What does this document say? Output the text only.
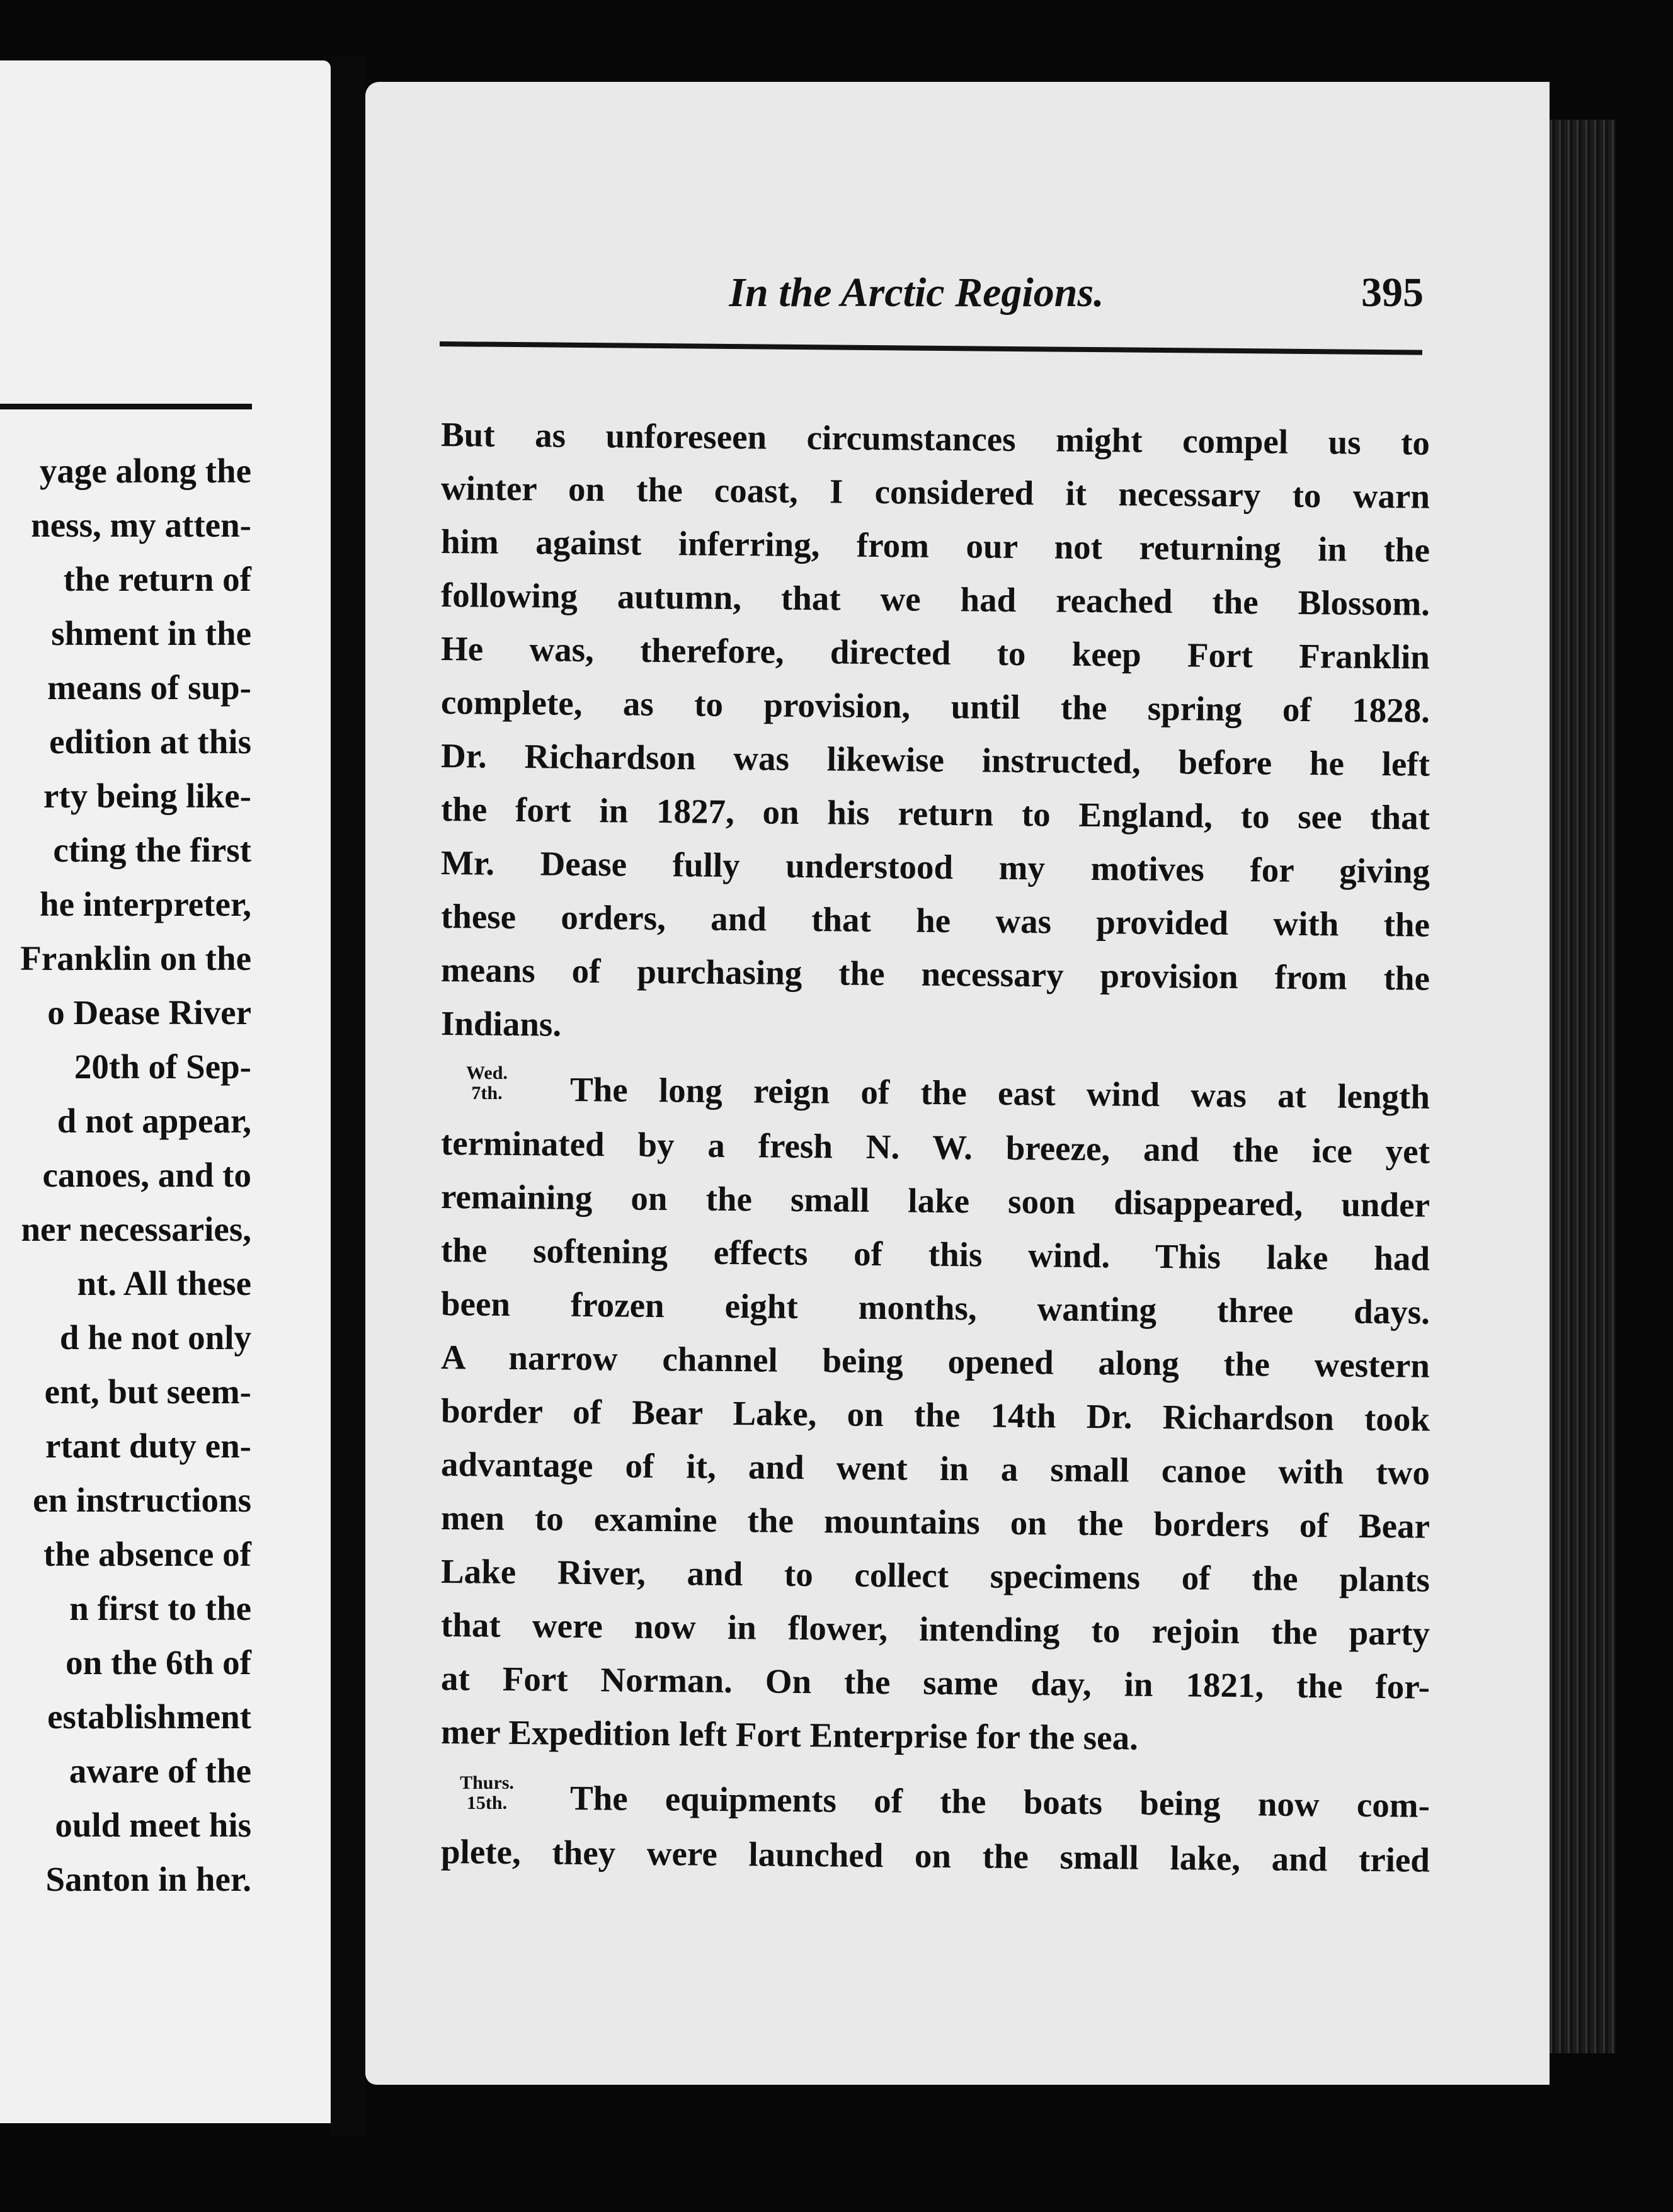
yage along the
ness, my atten-
the return of
shment in the
means of sup-
edition at this
rty being like-
cting the first
he interpreter,
Franklin on the
o Dease River
20th of Sep-
d not appear,
canoes, and to
ner necessaries,
nt. All these
d he not only
ent, but seem-
rtant duty en-
en instructions
the absence of
n first to the
on the 6th of
establishment
aware of the
ould meet his
Santon in her.
In the Arctic Regions.	395
But as unforeseen circumstances might compel us to
winter on the coast, I considered it necessary to warn
him against inferring, from our not returning in the
following autumn, that we had reached the Blossom.
He was, therefore, directed to keep Fort Franklin
complete, as to provision, until the spring of 1828.
Dr. Richardson was likewise instructed, before he left
the fort in 1827, on his return to England, to see that
Mr. Dease fully understood my motives for giving
these orders, and that he was provided with the
means of purchasing the necessary provision from the
Indians.
Wed.
7th.	The long reign of the east wind was at length
terminated by a fresh N. W. breeze, and the ice yet
remaining on the small lake soon disappeared, under
the softening effects of this wind. This lake had
been frozen eight months, wanting three days.
A narrow channel being opened along the western
border of Bear Lake, on the 14th Dr. Richardson took
advantage of it, and went in a small canoe with two
men to examine the mountains on the borders of Bear
Lake River, and to collect specimens of the plants
that were now in flower, intending to rejoin the party
at Fort Norman. On the same day, in 1821, the for-
mer Expedition left Fort Enterprise for the sea.
Thurs.
15th.	The equipments of the boats being now com-
plete, they were launched on the small lake, and tried
